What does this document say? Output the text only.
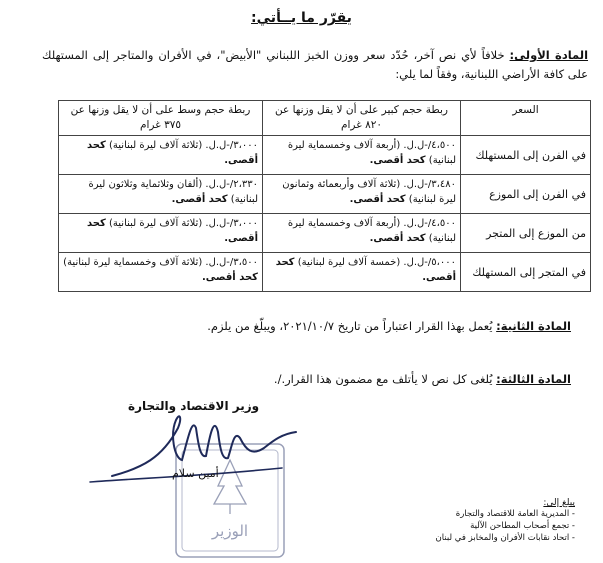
يقرّر ما يــأتي:
المادة الأولى: خلافاً لأي نص آخر، حُدّد سعر ووزن الخبز اللبناني "الأبيض"، في الأفران والمتاجر إلى المستهلك على كافة الأراضي اللبنانية، وفقاً لما يلي:
السعر	ربطة حجم كبير على أن لا يقل وزنها عن ٨٢٠ غرام	ربطة حجم وسط على أن لا يقل وزنها عن ٣٧٥ غرام
في الفرن إلى المستهلك	٤،٥٠٠/-ل.ل. (أربعة آلاف وخمسماية ليرة لبنانية) كحد أقصى.	٣،٠٠٠/-ل.ل. (ثلاثة آلاف ليرة لبنانية) كحد أقصى.
في الفرن إلى الموزع	٣،٤٨٠/-ل.ل. (ثلاثة آلاف وأربعمائة وثمانون ليرة لبنانية) كحد أقصى.	٢،٣٣٠/-ل.ل. (ألفان وثلاثماية وثلاثون ليرة لبنانية) كحد أقصى.
من الموزع إلى المتجر	٤،٥٠٠/-ل.ل. (أربعة آلاف وخمسماية ليرة لبنانية) كحد أقصى.	٣،٠٠٠/-ل.ل. (ثلاثة آلاف ليرة لبنانية) كحد أقصى.
في المتجر إلى المستهلك	٥،٠٠٠/-ل.ل. (خمسة آلاف ليرة لبنانية) كحد أقصى.	٣،٥٠٠/-ل.ل. (ثلاثة آلاف وخمسماية ليرة لبنانية) كحد أقصى.
المادة الثانية: يُعمل بهذا القرار اعتباراً من تاريخ ٢٠٢١/١٠/٧، ويبلّغ من يلزم.
المادة الثالثة: يُلغى كل نص لا يأتلف مع مضمون هذا القرار./.
الوزير
وزير الاقتصاد والتجارة
أمين سلام
يبلغ إلى:
- المديرية العامة للاقتصاد والتجارة
- تجمع أصحاب المطاحن الآلية
- اتحاد نقابات الأفران والمخابز في لبنان
